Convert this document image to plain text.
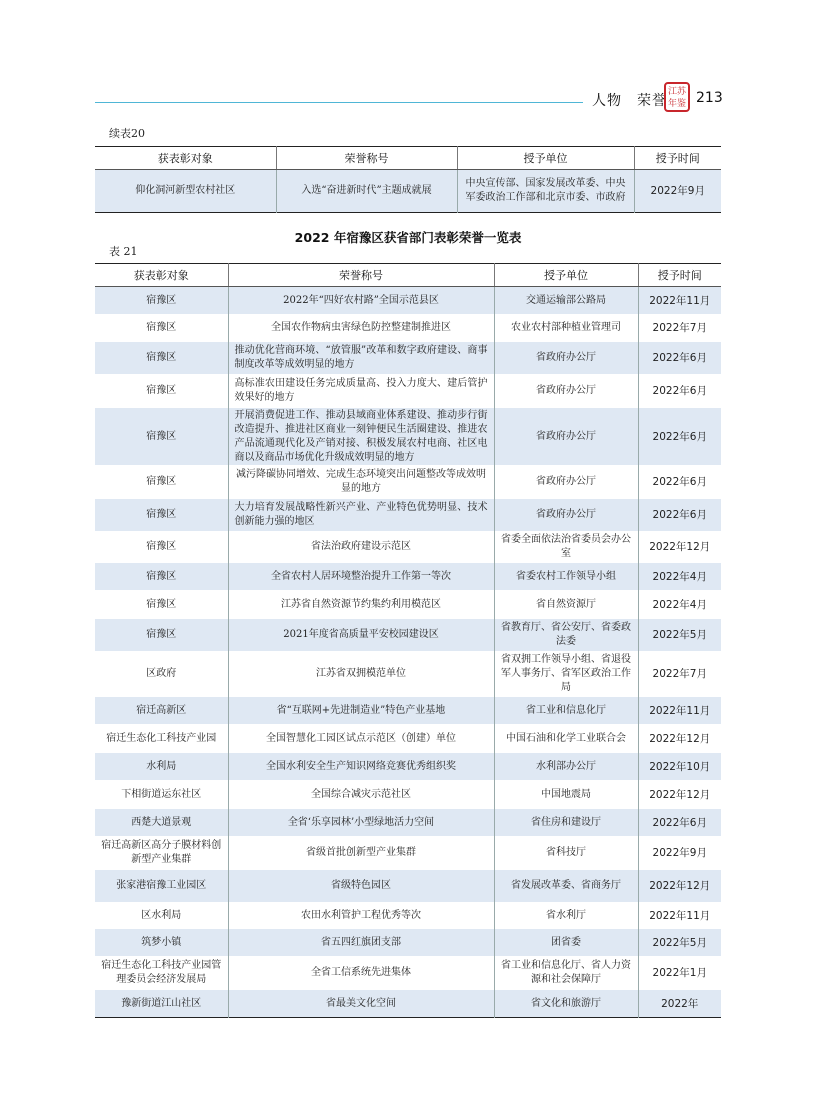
人物　荣誉
江苏
年鉴 213
续表20
获表彰对象	荣誉称号	授予单位	授予时间
仰化洞河新型农村社区	入选“奋进新时代”主题成就展	中央宣传部、国家发展改革委、中央军委政治工作部和北京市委、市政府	2022年9月
2022 年宿豫区获省部门表彰荣誉一览表
表 21
获表彰对象	荣誉称号	授予单位	授予时间
宿豫区	2022年“四好农村路”全国示范县区	交通运输部公路局	2022年11月
宿豫区	全国农作物病虫害绿色防控整建制推进区	农业农村部种植业管理司	2022年7月
宿豫区	推动优化营商环境、“放管服”改革和数字政府建设、商事制度改革等成效明显的地方	省政府办公厅	2022年6月
宿豫区	高标准农田建设任务完成质量高、投入力度大、建后管护效果好的地方	省政府办公厅	2022年6月
宿豫区	开展消费促进工作、推动县域商业体系建设、推动步行街改造提升、推进社区商业一刻钟便民生活圈建设、推进农产品流通现代化及产销对接、积极发展农村电商、社区电商以及商品市场优化升级成效明显的地方	省政府办公厅	2022年6月
宿豫区	减污降碳协同增效、完成生态环境突出问题整改等成效明显的地方	省政府办公厅	2022年6月
宿豫区	大力培育发展战略性新兴产业、产业特色优势明显、技术创新能力强的地区	省政府办公厅	2022年6月
宿豫区	省法治政府建设示范区	省委全面依法治省委员会办公室	2022年12月
宿豫区	全省农村人居环境整治提升工作第一等次	省委农村工作领导小组	2022年4月
宿豫区	江苏省自然资源节约集约利用模范区	省自然资源厅	2022年4月
宿豫区	2021年度省高质量平安校园建设区	省教育厅、省公安厅、省委政法委	2022年5月
区政府	江苏省双拥模范单位	省双拥工作领导小组、省退役军人事务厅、省军区政治工作局	2022年7月
宿迁高新区	省“互联网+先进制造业”特色产业基地	省工业和信息化厅	2022年11月
宿迁生态化工科技产业园	全国智慧化工园区试点示范区（创建）单位	中国石油和化学工业联合会	2022年12月
水利局	全国水利安全生产知识网络竞赛优秀组织奖	水利部办公厅	2022年10月
下相街道运东社区	全国综合减灾示范社区	中国地震局	2022年12月
西楚大道景观	全省‘乐享园林’小型绿地活力空间	省住房和建设厅	2022年6月
宿迁高新区高分子膜材料创新型产业集群	省级首批创新型产业集群	省科技厅	2022年9月
张家港宿豫工业园区	省级特色园区	省发展改革委、省商务厅	2022年12月
区水利局	农田水利管护工程优秀等次	省水利厅	2022年11月
筑梦小镇	省五四红旗团支部	团省委	2022年5月
宿迁生态化工科技产业园管理委员会经济发展局	全省工信系统先进集体	省工业和信息化厅、省人力资源和社会保障厅	2022年1月
豫新街道江山社区	省最美文化空间	省文化和旅游厅	2022年
